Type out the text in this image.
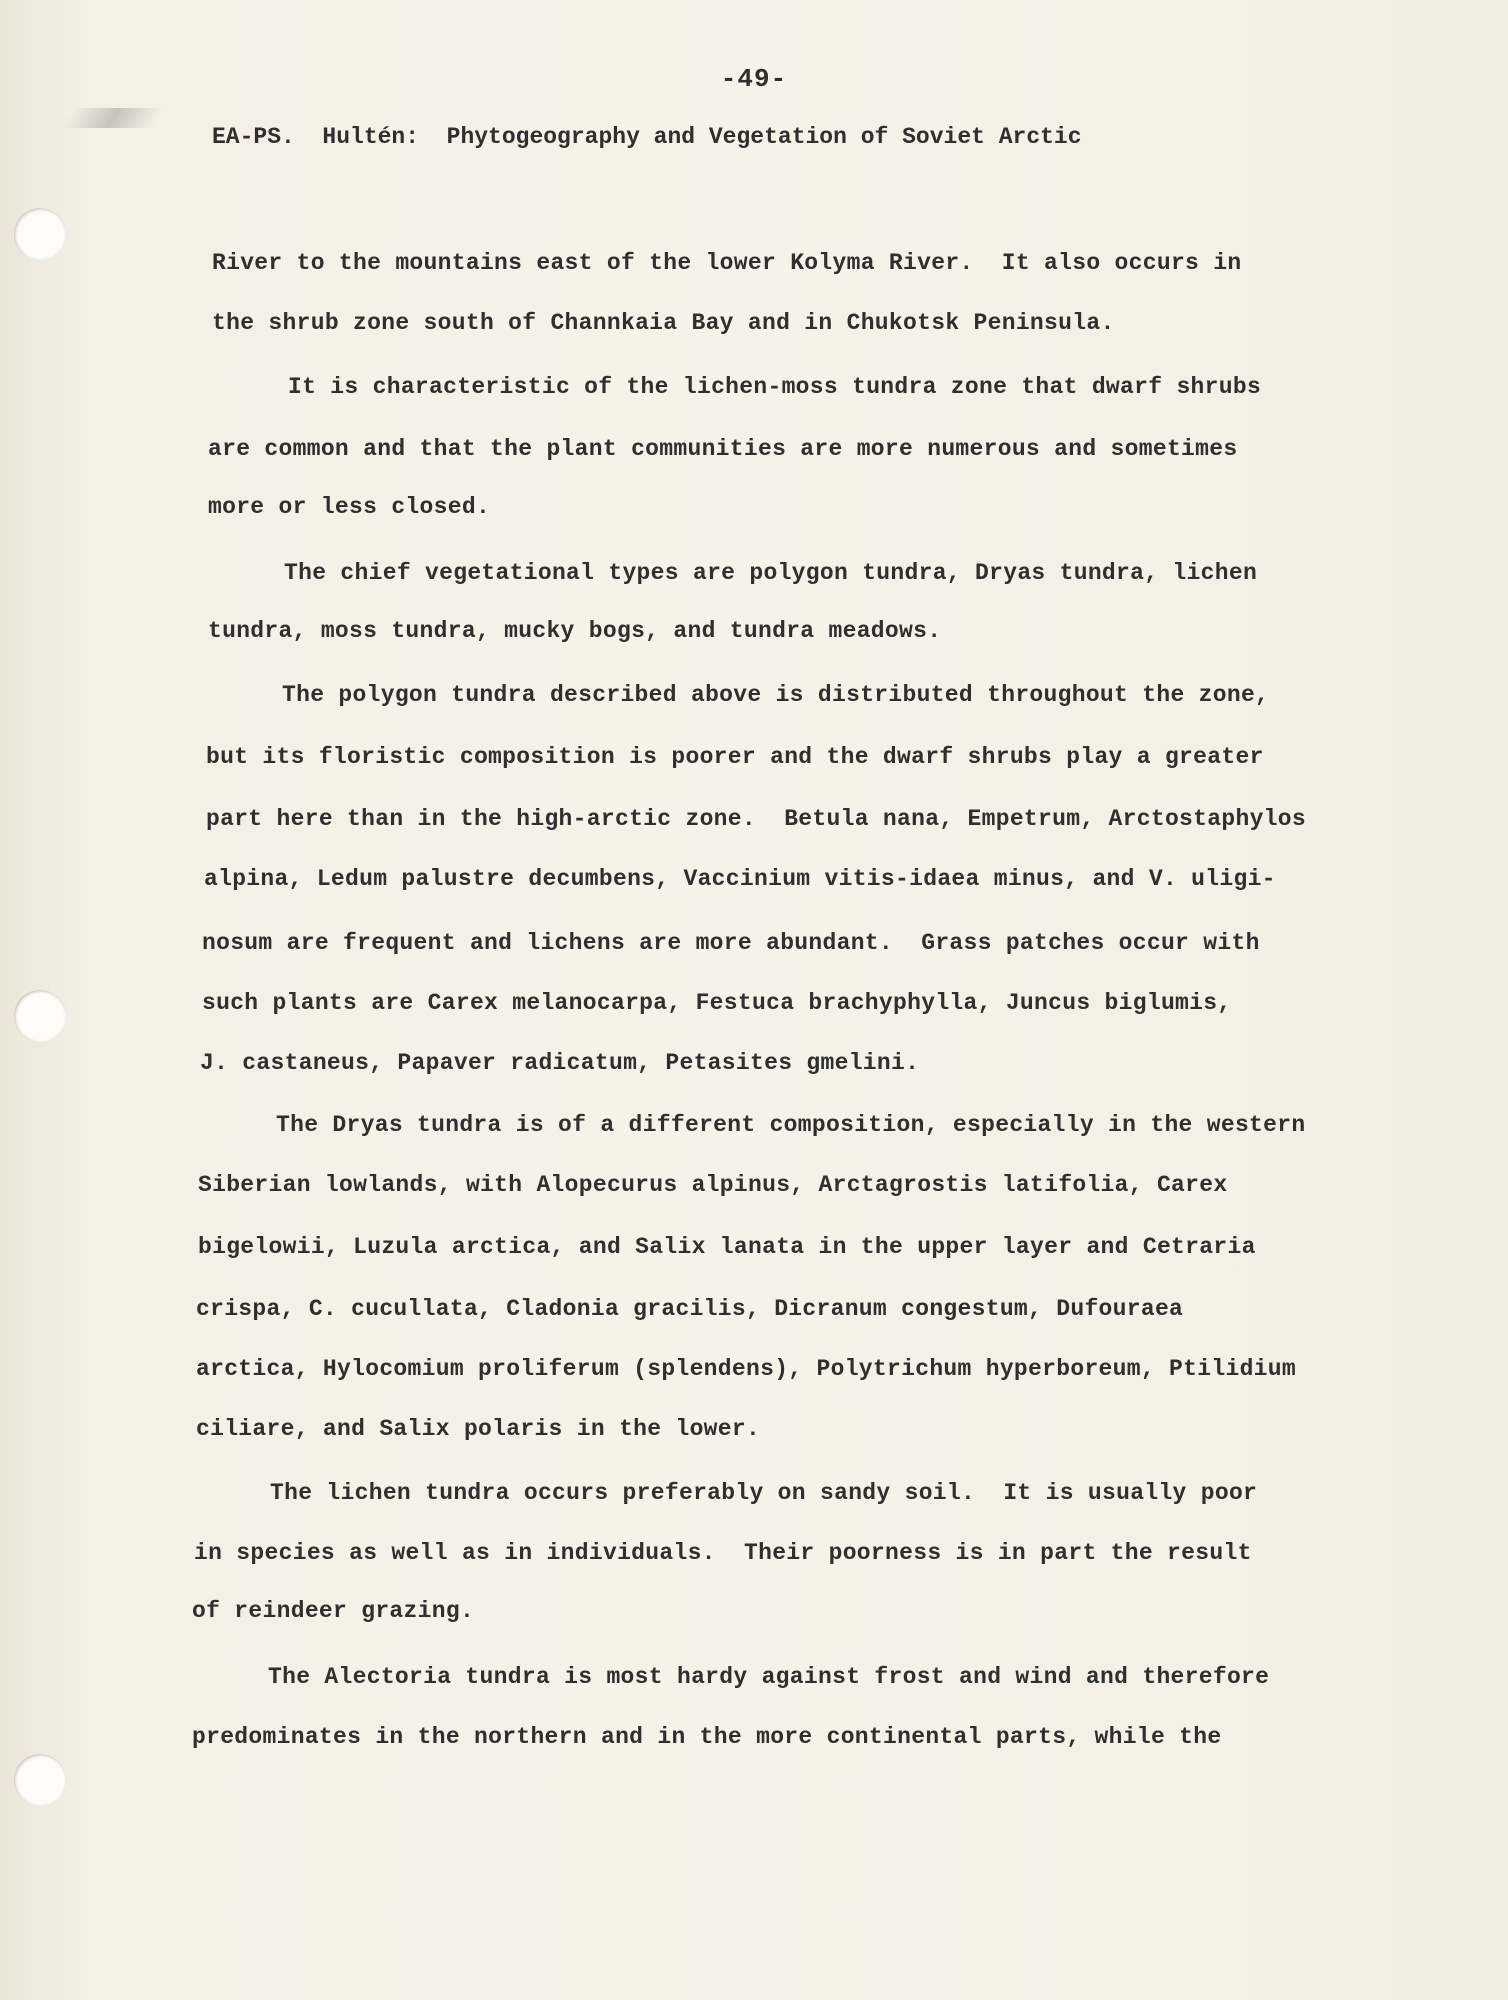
-49-
EA-PS.  Hultén:  Phytogeography and Vegetation of Soviet Arctic
River to the mountains east of the lower Kolyma River.  It also occurs in
the shrub zone south of Channkaia Bay and in Chukotsk Peninsula.
It is characteristic of the lichen-moss tundra zone that dwarf shrubs
are common and that the plant communities are more numerous and sometimes
more or less closed.
The chief vegetational types are polygon tundra, Dryas tundra, lichen
tundra, moss tundra, mucky bogs, and tundra meadows.
The polygon tundra described above is distributed throughout the zone,
but its floristic composition is poorer and the dwarf shrubs play a greater
part here than in the high-arctic zone.  Betula nana, Empetrum, Arctostaphylos
alpina, Ledum palustre decumbens, Vaccinium vitis-idaea minus, and V. uligi-
nosum are frequent and lichens are more abundant.  Grass patches occur with
such plants are Carex melanocarpa, Festuca brachyphylla, Juncus biglumis,
J. castaneus, Papaver radicatum, Petasites gmelini.
The Dryas tundra is of a different composition, especially in the western
Siberian lowlands, with Alopecurus alpinus, Arctagrostis latifolia, Carex
bigelowii, Luzula arctica, and Salix lanata in the upper layer and Cetraria
crispa, C. cucullata, Cladonia gracilis, Dicranum congestum, Dufouraea
arctica, Hylocomium proliferum (splendens), Polytrichum hyperboreum, Ptilidium
ciliare, and Salix polaris in the lower.
The lichen tundra occurs preferably on sandy soil.  It is usually poor
in species as well as in individuals.  Their poorness is in part the result
of reindeer grazing.
The Alectoria tundra is most hardy against frost and wind and therefore
predominates in the northern and in the more continental parts, while the
